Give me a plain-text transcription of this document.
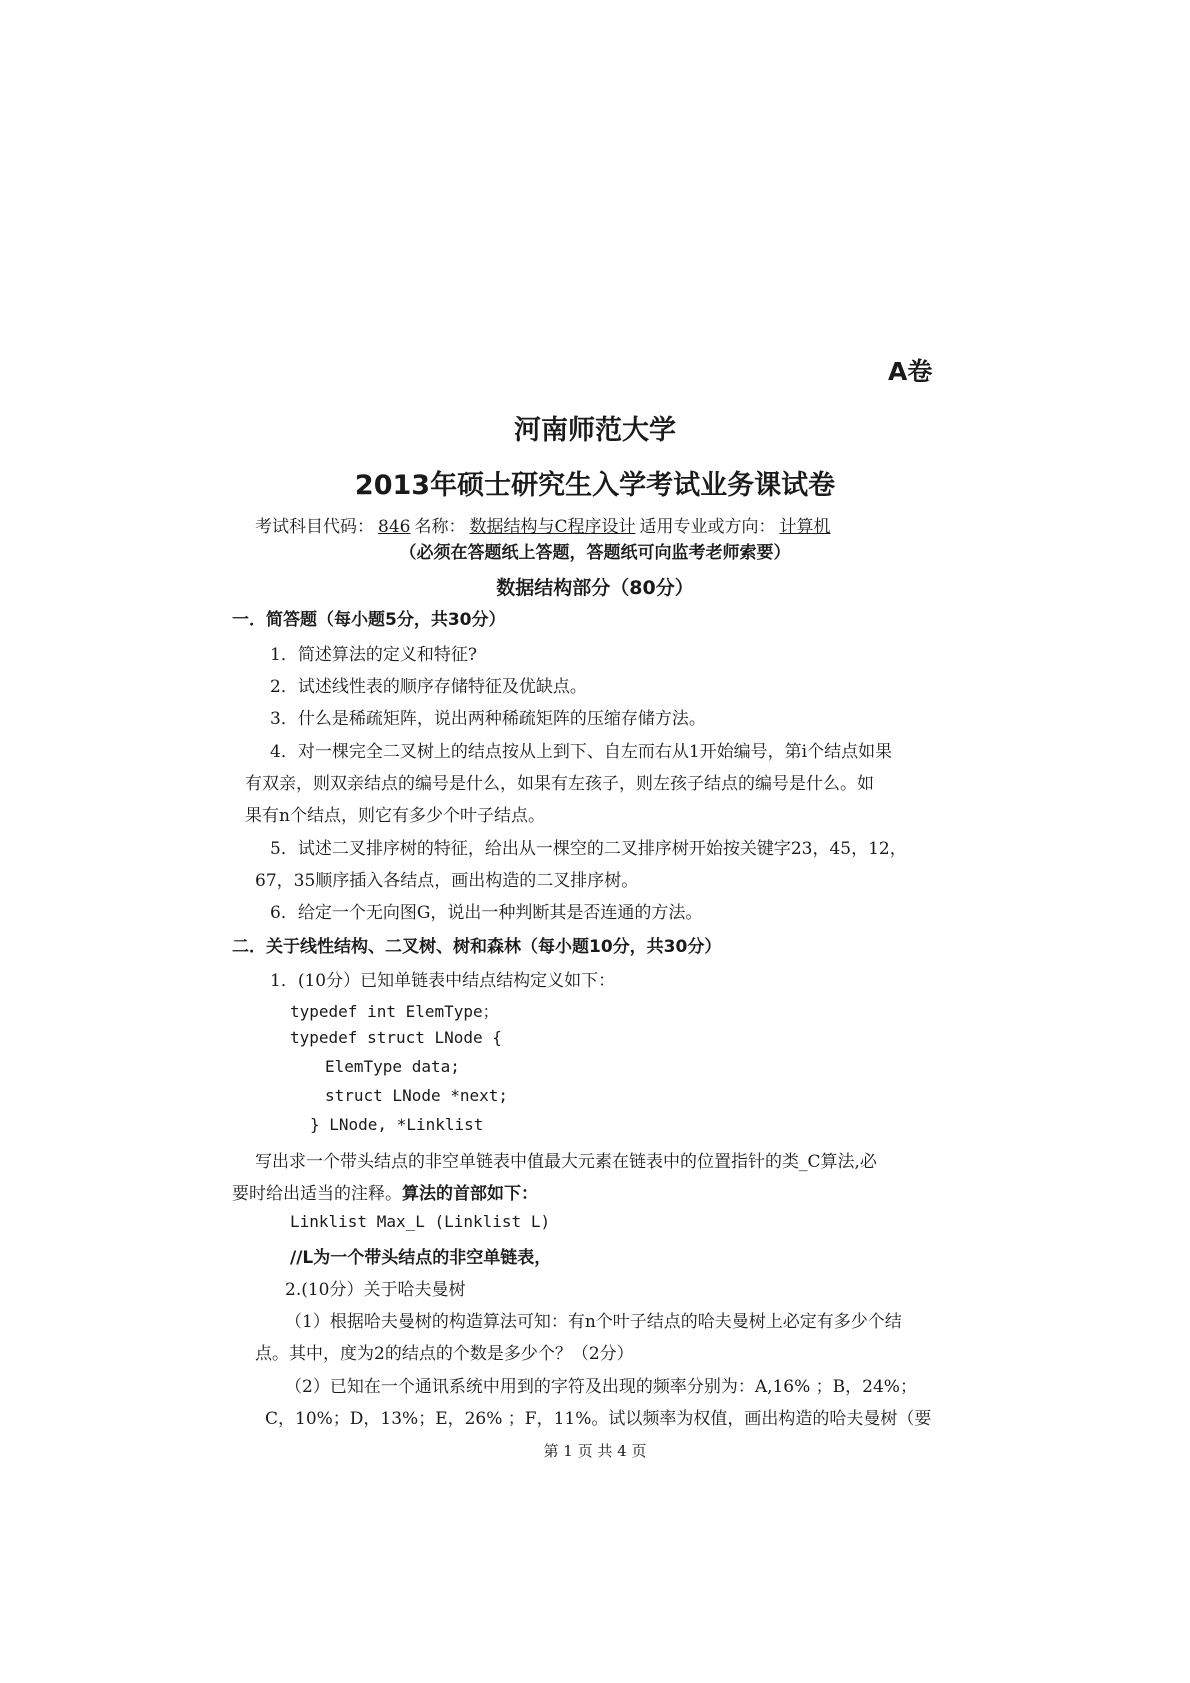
A卷
河南师范大学
2013年硕士研究生入学考试业务课试卷
考试科目代码： 846 名称： 数据结构与C程序设计 适用专业或方向： 计算机
（必须在答题纸上答题，答题纸可向监考老师索要）
数据结构部分（80分）
一．简答题（每小题5分，共30分）
1．简述算法的定义和特征?
2．试述线性表的顺序存储特征及优缺点。
3．什么是稀疏矩阵，说出两种稀疏矩阵的压缩存储方法。
4．对一棵完全二叉树上的结点按从上到下、自左而右从1开始编号，第i个结点如果
有双亲，则双亲结点的编号是什么，如果有左孩子，则左孩子结点的编号是什么。如
果有n个结点，则它有多少个叶子结点。
5．试述二叉排序树的特征，给出从一棵空的二叉排序树开始按关键字23，45，12，
67，35顺序插入各结点，画出构造的二叉排序树。
6．给定一个无向图G，说出一种判断其是否连通的方法。
二．关于线性结构、二叉树、树和森林（每小题10分，共30分）
1．(10分）已知单链表中结点结构定义如下：
typedef int ElemType；
typedef struct LNode {
ElemType data;
struct LNode *next;
} LNode, *Linklist
写出求一个带头结点的非空单链表中值最大元素在链表中的位置指针的类_C算法,必
要时给出适当的注释。算法的首部如下：
Linklist Max_L (Linklist L)
//L为一个带头结点的非空单链表，
2.(10分）关于哈夫曼树
（1）根据哈夫曼树的构造算法可知：有n个叶子结点的哈夫曼树上必定有多少个结
点。其中，度为2的结点的个数是多少个？（2分）
（2）已知在一个通讯系统中用到的字符及出现的频率分别为：A,16% ；B，24%；
C，10%；D，13%；E，26% ；F，11%。试以频率为权值，画出构造的哈夫曼树（要
第 1 页 共 4 页
